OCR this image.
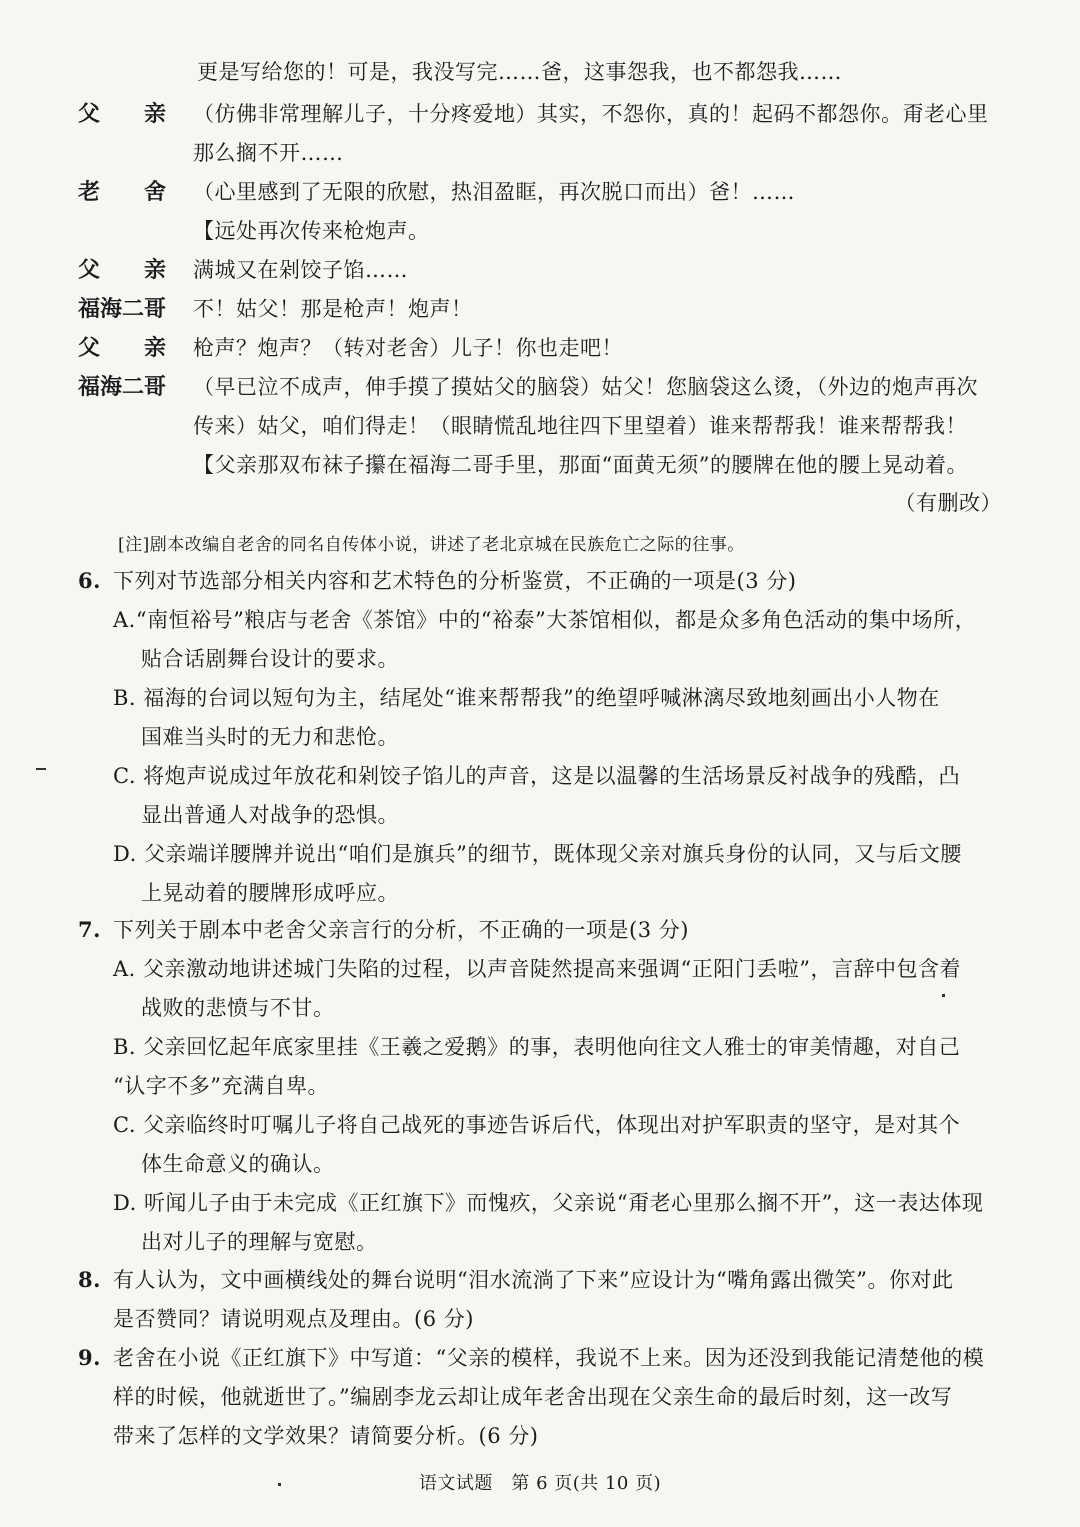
更是写给您的！可是，我没写完……爸，这事怨我，也不都怨我……
父　　亲 （仿佛非常理解儿子，十分疼爱地）其实，不怨你，真的！起码不都怨你。甭老心里
那么搁不开……
老　　舍 （心里感到了无限的欣慰，热泪盈眶，再次脱口而出）爸！……
【远处再次传来枪炮声。
父　　亲 满城又在剁饺子馅……
福海二哥 不！姑父！那是枪声！炮声！
父　　亲 枪声？炮声？（转对老舍）儿子！你也走吧！
福海二哥 （早已泣不成声，伸手摸了摸姑父的脑袋）姑父！您脑袋这么烫，（外边的炮声再次
传来）姑父，咱们得走！（眼睛慌乱地往四下里望着）谁来帮帮我！谁来帮帮我！
【父亲那双布袜子攥在福海二哥手里，那面“面黄无须”的腰牌在他的腰上晃动着。
（有删改）
[注]剧本改编自老舍的同名自传体小说，讲述了老北京城在民族危亡之际的往事。
6. 下列对节选部分相关内容和艺术特色的分析鉴赏，不正确的一项是(3 分)
A.“南恒裕号”粮店与老舍《茶馆》中的“裕泰”大茶馆相似，都是众多角色活动的集中场所，
贴合话剧舞台设计的要求。
B. 福海的台词以短句为主，结尾处“谁来帮帮我”的绝望呼喊淋漓尽致地刻画出小人物在
国难当头时的无力和悲怆。
C. 将炮声说成过年放花和剁饺子馅儿的声音，这是以温馨的生活场景反衬战争的残酷，凸
显出普通人对战争的恐惧。
D. 父亲端详腰牌并说出“咱们是旗兵”的细节，既体现父亲对旗兵身份的认同，又与后文腰
上晃动着的腰牌形成呼应。
7. 下列关于剧本中老舍父亲言行的分析，不正确的一项是(3 分)
A. 父亲激动地讲述城门失陷的过程，以声音陡然提高来强调“正阳门丢啦”，言辞中包含着
战败的悲愤与不甘。
B. 父亲回忆起年底家里挂《王羲之爱鹅》的事，表明他向往文人雅士的审美情趣，对自己
“认字不多”充满自卑。
C. 父亲临终时叮嘱儿子将自己战死的事迹告诉后代，体现出对护军职责的坚守，是对其个
体生命意义的确认。
D. 听闻儿子由于未完成《正红旗下》而愧疚，父亲说“甭老心里那么搁不开”，这一表达体现
出对儿子的理解与宽慰。
8. 有人认为，文中画横线处的舞台说明“泪水流淌了下来”应设计为“嘴角露出微笑”。你对此
是否赞同？请说明观点及理由。(6 分)
9. 老舍在小说《正红旗下》中写道：“父亲的模样，我说不上来。因为还没到我能记清楚他的模
样的时候，他就逝世了。”编剧李龙云却让成年老舍出现在父亲生命的最后时刻，这一改写
带来了怎样的文学效果？请简要分析。(6 分)
语文试题　第 6 页(共 10 页)
